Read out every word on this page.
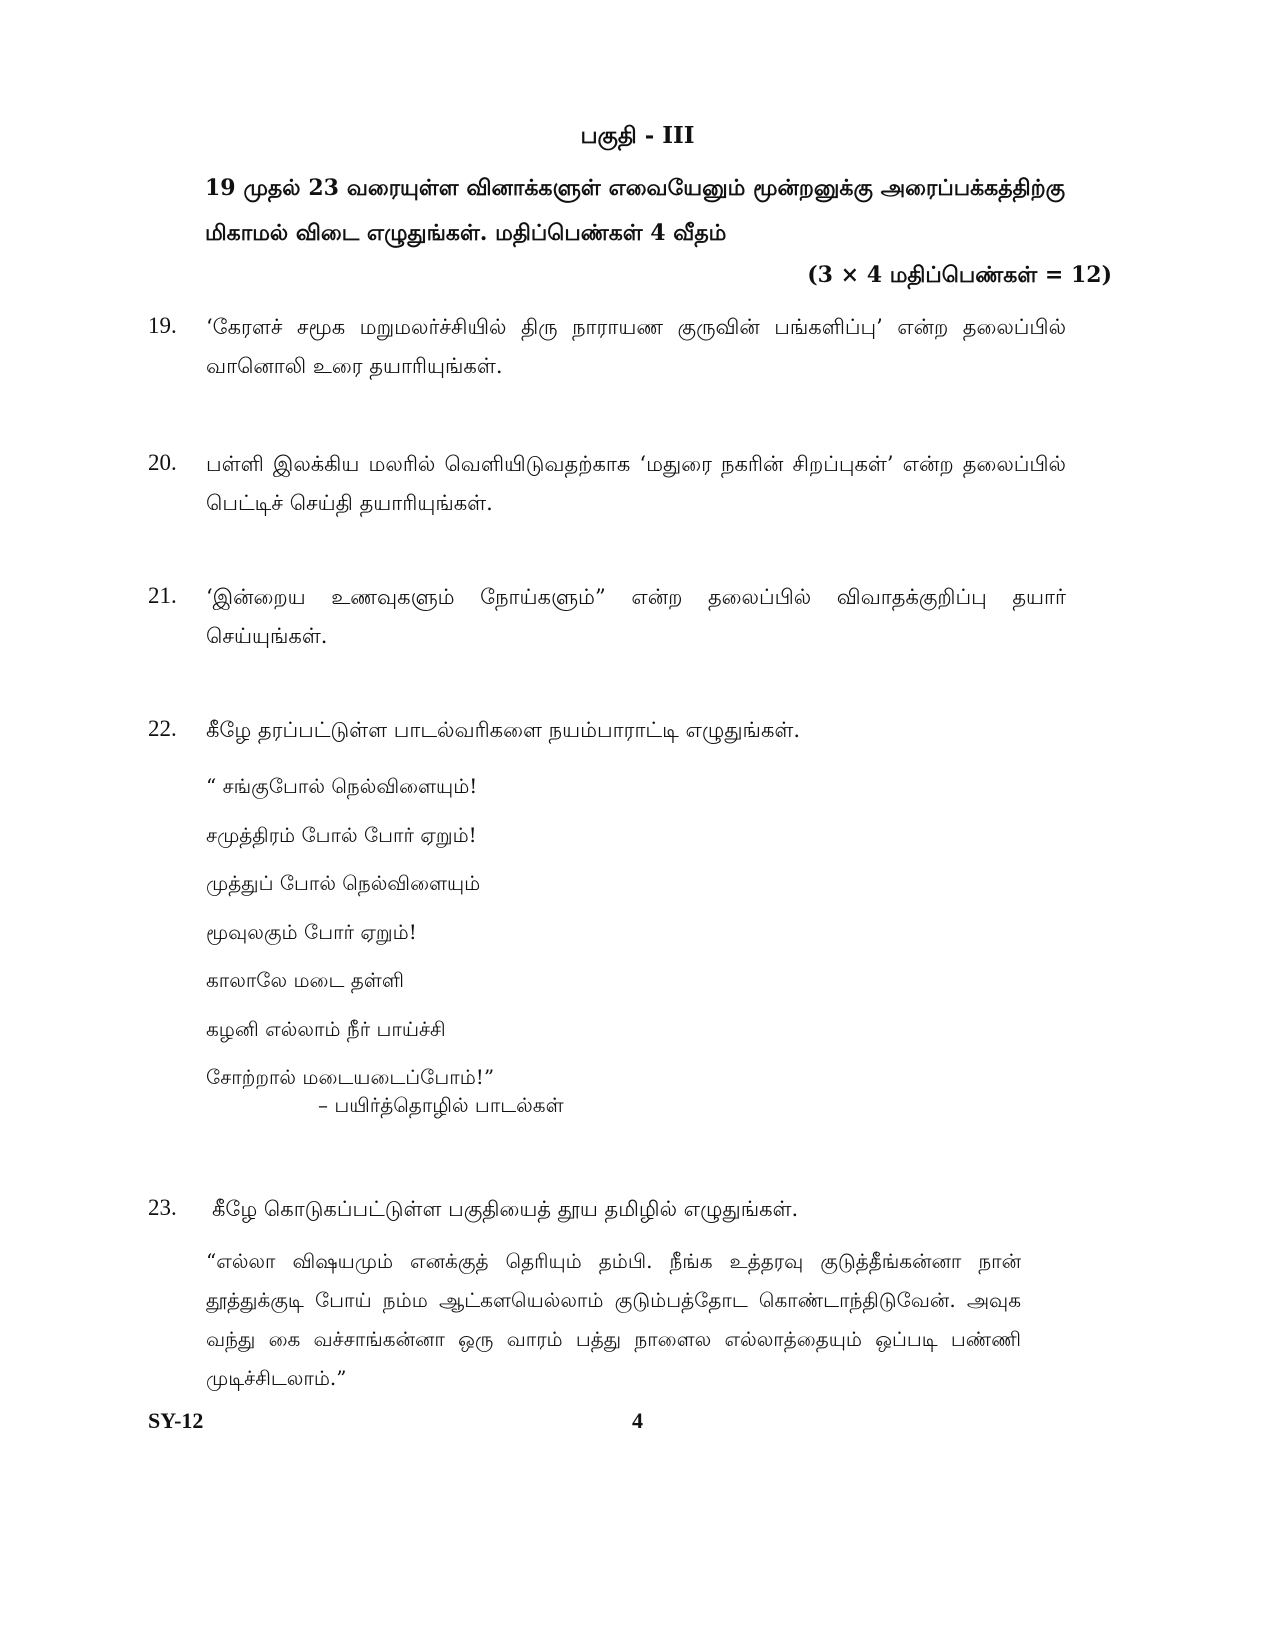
பகுதி - III
19 முதல் 23 வரையுள்ள வினாக்களுள் எவையேனும் மூன்றனுக்கு அரைப்பக்கத்திற்கு மிகாமல் விடை எழுதுங்கள். மதிப்பெண்கள் 4 வீதம்
(3 × 4 மதிப்பெண்கள் = 12)
19. ‘கேரளச் சமூக மறுமலர்ச்சியில் திரு நாராயண குருவின் பங்களிப்பு’ என்ற தலைப்பில் வானொலி உரை தயாரியுங்கள்.
20. பள்ளி இலக்கிய மலரில் வெளியிடுவதற்காக ‘மதுரை நகரின் சிறப்புகள்’ என்ற தலைப்பில் பெட்டிச் செய்தி தயாரியுங்கள்.
21. ‘இன்றைய உணவுகளும் நோய்களும்” என்ற தலைப்பில் விவாதக்குறிப்பு தயார் செய்யுங்கள்.
22. கீழே தரப்பட்டுள்ள பாடல்வரிகளை நயம்பாராட்டி எழுதுங்கள்.
“ சங்குபோல் நெல்விளையும்!
சமுத்திரம் போல் போர் ஏறும்!
முத்துப் போல் நெல்விளையும்
மூவுலகும் போர் ஏறும்!
காலாலே மடை தள்ளி
கழனி எல்லாம் நீர் பாய்ச்சி
சோற்றால் மடையடைப்போம்!”
– பயிர்த்தொழில் பாடல்கள்
23. கீழே கொடுகப்பட்டுள்ள பகுதியைத் தூய தமிழில் எழுதுங்கள்.
“எல்லா விஷயமும் எனக்குத் தெரியும் தம்பி. நீங்க உத்தரவு குடுத்தீங்கன்னா நான் தூத்துக்குடி போய் நம்ம ஆட்களயெல்லாம் குடும்பத்தோட கொண்டாந்திடுவேன். அவுக வந்து கை வச்சாங்கன்னா ஒரு வாரம் பத்து நாளைல எல்லாத்தையும் ஒப்படி பண்ணி முடிச்சிடலாம்.”
SY-12	4
